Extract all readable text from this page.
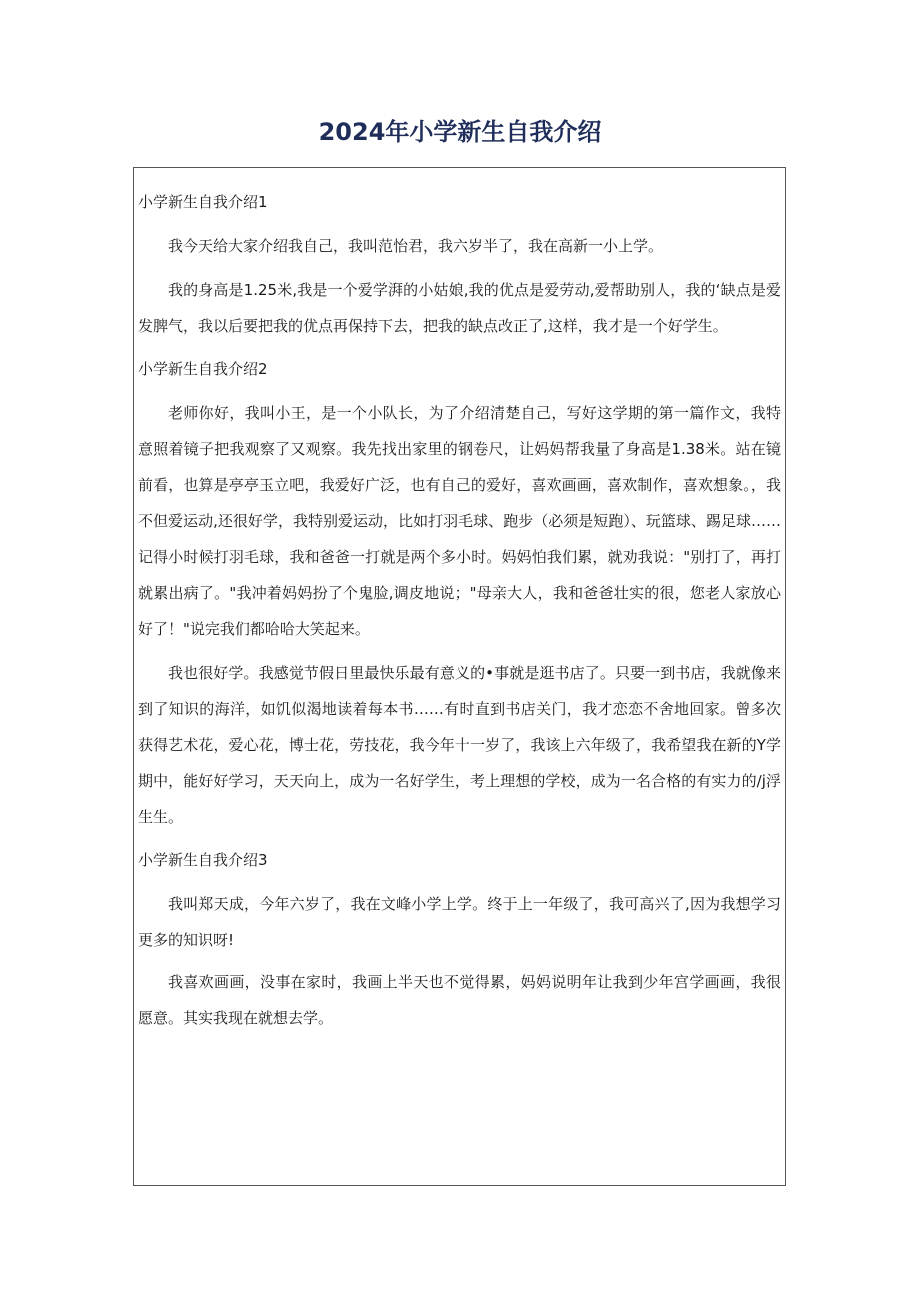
2024年小学新生自我介绍
小学新生自我介绍1

我今天给大家介绍我自己，我叫范怡君，我六岁半了，我在高新一小上学。

我的身高是1.25米,我是一个爱学湃的小姑娘,我的优点是爱劳动,爱帮助别人，我的‘缺点是爱发脾气，我以后要把我的优点再保持下去，把我的缺点改正了,这样，我才是一个好学生。

小学新生自我介绍2

老师你好，我叫小王，是一个小队长，为了介绍清楚自己，写好这学期的第一篇作文，我特意照着镜子把我观察了又观察。我先找出家里的钢卷尺，让妈妈帮我量了身高是1.38米。站在镜前看，也算是亭亭玉立吧，我爱好广泛，也有自己的爱好，喜欢画画，喜欢制作，喜欢想象。，我不但爱运动,还很好学，我特别爱运动，比如打羽毛球、跑步（必须是短跑）、玩篮球、踢足球……记得小时候打羽毛球，我和爸爸一打就是两个多小时。妈妈怕我们累，就劝我说："别打了，再打就累出病了。"我冲着妈妈扮了个鬼脸,调皮地说；"母亲大人，我和爸爸壮实的很，您老人家放心好了！"说完我们都哈哈大笑起来。

我也很好学。我感觉节假日里最快乐最有意义的•事就是逛书店了。只要一到书店，我就像来到了知识的海洋，如饥似渴地读着每本书……有时直到书店关门，我才恋恋不舍地回家。曾多次获得艺术花，爱心花，博士花，劳技花，我今年十一岁了，我该上六年级了，我希望我在新的Y学期中，能好好学习，天天向上，成为一名好学生，考上理想的学校，成为一名合格的有实力的∕j浮生生。

小学新生自我介绍3

我叫郑天成，今年六岁了，我在文峰小学上学。终于上一年级了，我可高兴了,因为我想学习更多的知识呀!

我喜欢画画，没事在家时，我画上半天也不觉得累，妈妈说明年让我到少年宫学画画，我很愿意。其实我现在就想去学。
